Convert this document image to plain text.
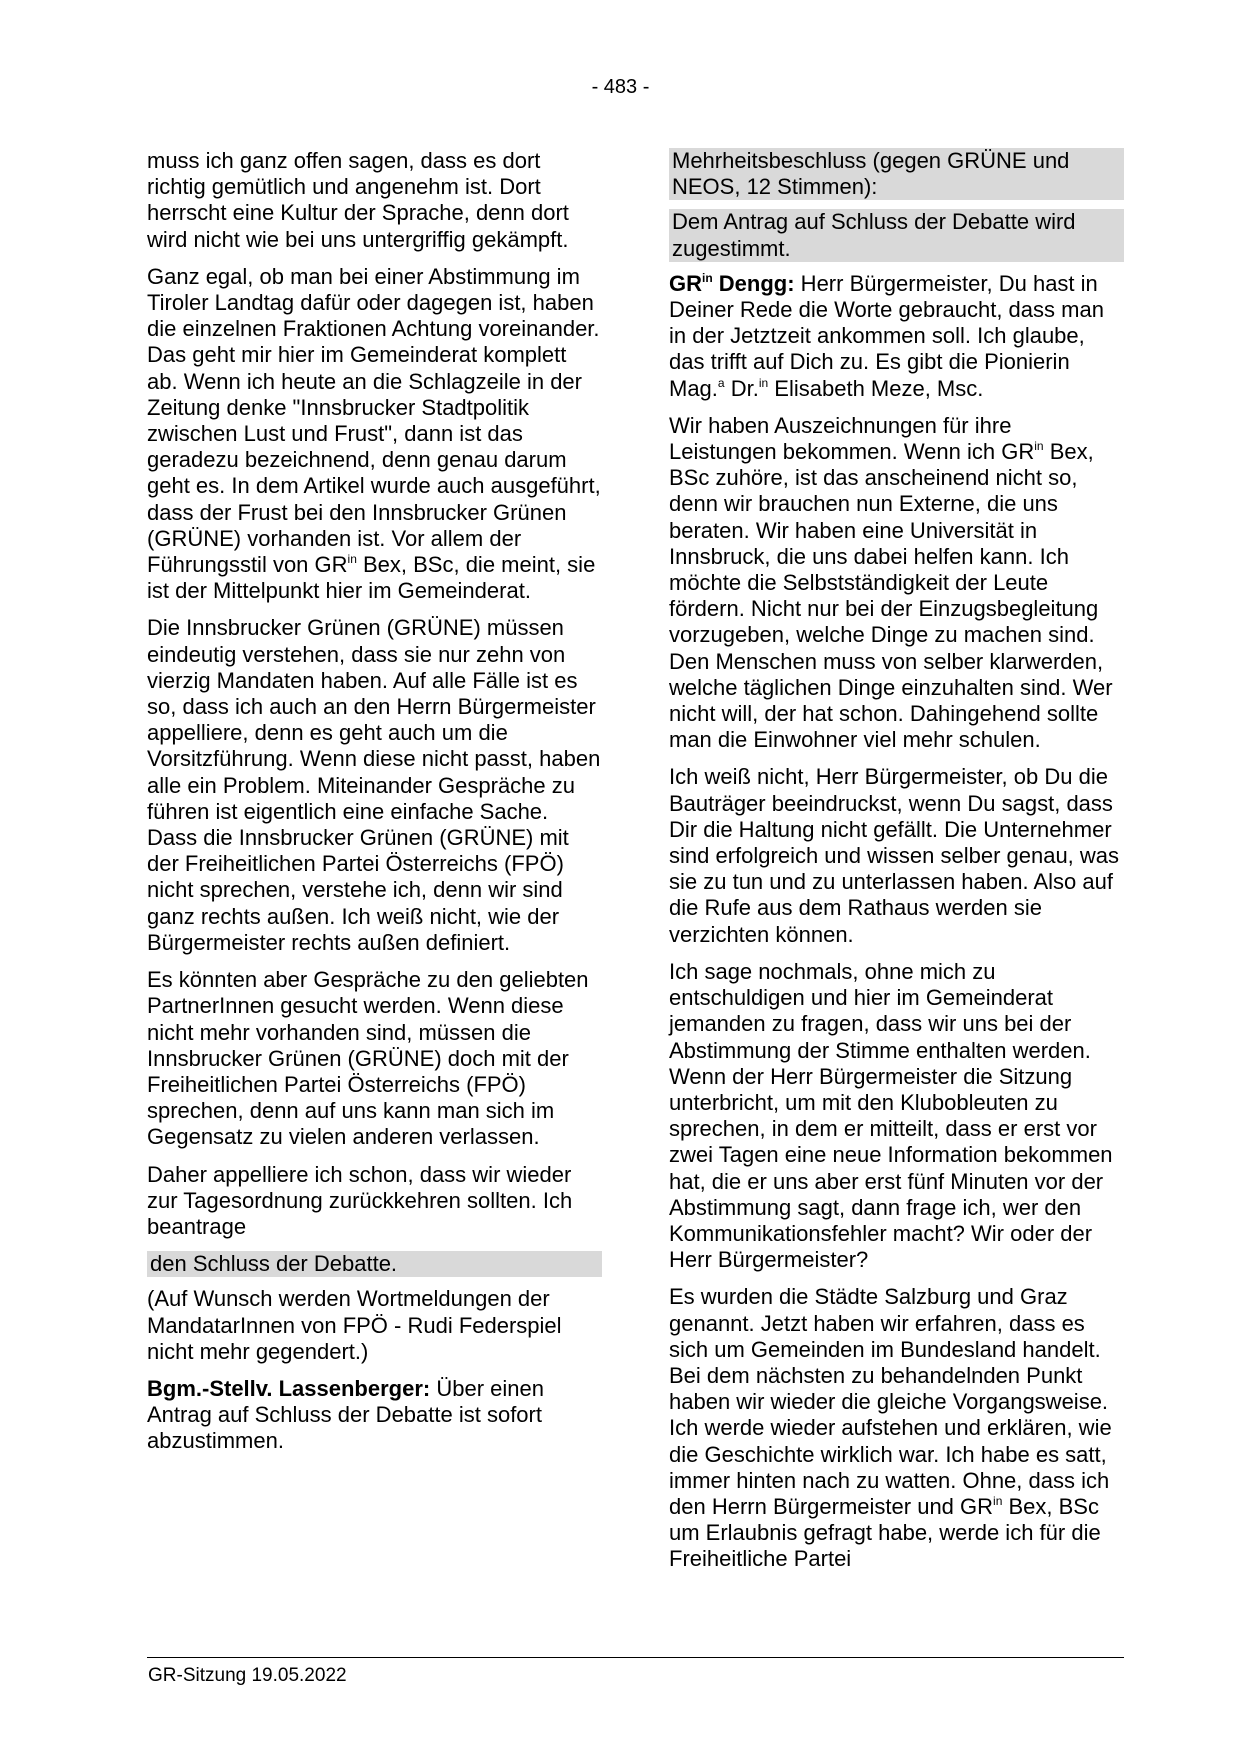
- 483 -

muss ich ganz offen sagen, dass es dort richtig gemütlich und angenehm ist. Dort herrscht eine Kultur der Sprache, denn dort wird nicht wie bei uns untergriffig gekämpft.

Ganz egal, ob man bei einer Abstimmung im Tiroler Landtag dafür oder dagegen ist, haben die einzelnen Fraktionen Achtung voreinander. Das geht mir hier im Gemeinderat komplett ab. Wenn ich heute an die Schlagzeile in der Zeitung denke "Innsbrucker Stadtpolitik zwischen Lust und Frust", dann ist das geradezu bezeichnend, denn genau darum geht es. In dem Artikel wurde auch ausgeführt, dass der Frust bei den Innsbrucker Grünen (GRÜNE) vorhanden ist. Vor allem der Führungsstil von $GR^{in}$ Bex, BSc, die meint, sie ist der Mittelpunkt hier im Gemeinderat.

Die Innsbrucker Grünen (GRÜNE) müssen eindeutig verstehen, dass sie nur zehn von vierzig Mandaten haben. Auf alle Fälle ist es so, dass ich auch an den Herrn Bürgermeister appelliere, denn es geht auch um die Vorsitzführung. Wenn diese nicht passt, haben alle ein Problem. Miteinander Gespräche zu führen ist eigentlich eine einfache Sache. Dass die Innsbrucker Grünen (GRÜNE) mit der Freiheitlichen Partei Österreichs (FPÖ) nicht sprechen, verstehe ich, denn wir sind ganz rechts außen. Ich weiß nicht, wie der Bürgermeister rechts außen definiert.

Es könnten aber Gespräche zu den geliebten PartnerInnen gesucht werden. Wenn diese nicht mehr vorhanden sind, müssen die Innsbrucker Grünen (GRÜNE) doch mit der Freiheitlichen Partei Österreichs (FPÖ) sprechen, denn auf uns kann man sich im Gegensatz zu vielen anderen verlassen.

Daher appelliere ich schon, dass wir wieder zur Tagesordnung zurückkehren sollten. Ich beantrage

den Schluss der Debatte.

(Auf Wunsch werden Wortmeldungen der MandatarInnen von FPÖ - Rudi Federspiel nicht mehr gegendert.)

Bgm.-Stellv. Lassenberger: Über einen Antrag auf Schluss der Debatte ist sofort abzustimmen.

Mehrheitsbeschluss (gegen GRÜNE und NEOS, 12 Stimmen):

Dem Antrag auf Schluss der Debatte wird zugestimmt.

$GR^{in}$ Dengg: Herr Bürgermeister, Du hast in Deiner Rede die Worte gebraucht, dass man in der Jetztzeit ankommen soll. Ich glaube, das trifft auf Dich zu. Es gibt die Pionierin Mag.$^a$ Dr.$^{in}$ Elisabeth Meze, Msc.

Wir haben Auszeichnungen für ihre Leistungen bekommen. Wenn ich $GR^{in}$ Bex, BSc zuhöre, ist das anscheinend nicht so, denn wir brauchen nun Externe, die uns beraten. Wir haben eine Universität in Innsbruck, die uns dabei helfen kann. Ich möchte die Selbstständigkeit der Leute fördern. Nicht nur bei der Einzugsbegleitung vorzugeben, welche Dinge zu machen sind. Den Menschen muss von selber klarwerden, welche täglichen Dinge einzuhalten sind. Wer nicht will, der hat schon. Dahingehend sollte man die Einwohner viel mehr schulen.

Ich weiß nicht, Herr Bürgermeister, ob Du die Bauträger beeindruckst, wenn Du sagst, dass Dir die Haltung nicht gefällt. Die Unternehmer sind erfolgreich und wissen selber genau, was sie zu tun und zu unterlassen haben. Also auf die Rufe aus dem Rathaus werden sie verzichten können.

Ich sage nochmals, ohne mich zu entschuldigen und hier im Gemeinderat jemanden zu fragen, dass wir uns bei der Abstimmung der Stimme enthalten werden. Wenn der Herr Bürgermeister die Sitzung unterbricht, um mit den Klubobleuten zu sprechen, in dem er mitteilt, dass er erst vor zwei Tagen eine neue Information bekommen hat, die er uns aber erst fünf Minuten vor der Abstimmung sagt, dann frage ich, wer den Kommunikationsfehler macht? Wir oder der Herr Bürgermeister?

Es wurden die Städte Salzburg und Graz genannt. Jetzt haben wir erfahren, dass es sich um Gemeinden im Bundesland handelt. Bei dem nächsten zu behandelnden Punkt haben wir wieder die gleiche Vorgangsweise. Ich werde wieder aufstehen und erklären, wie die Geschichte wirklich war. Ich habe es satt, immer hinten nach zu watten. Ohne, dass ich den Herrn Bürgermeister und $GR^{in}$ Bex, BSc um Erlaubnis gefragt habe, werde ich für die Freiheitliche Partei

GR-Sitzung 19.05.2022
